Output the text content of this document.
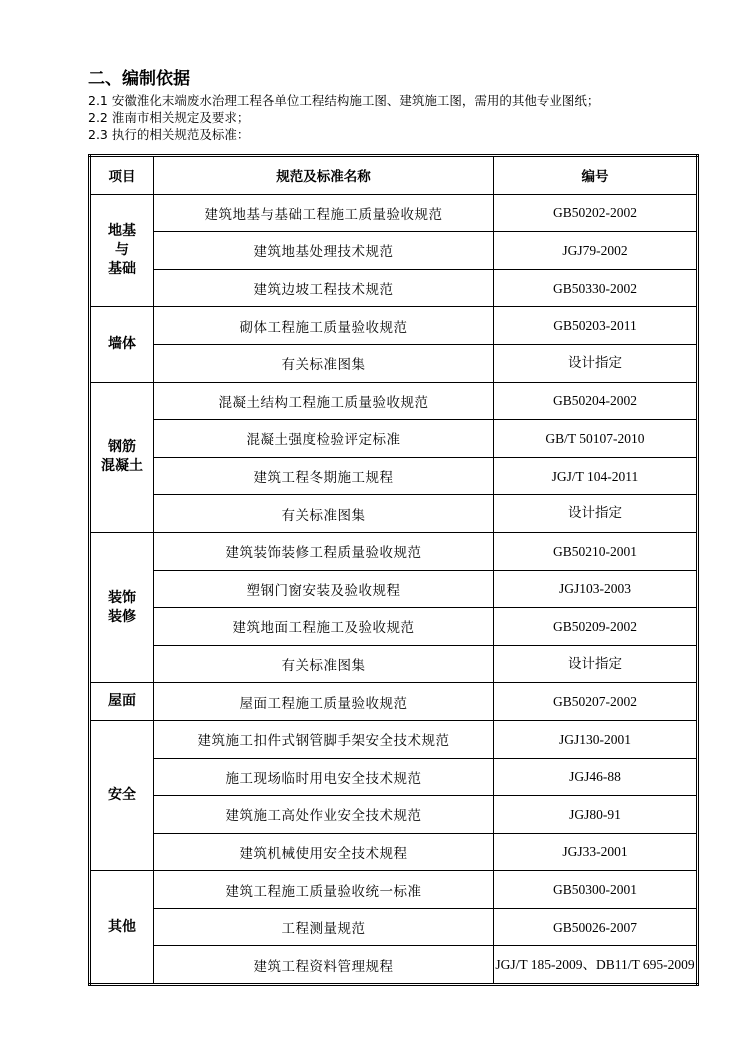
二、编制依据
2.1 安徽淮化末端废水治理工程各单位工程结构施工图、建筑施工图，需用的其他专业图纸；
2.2 淮南市相关规定及要求；
2.3 执行的相关规范及标准：
项目	规范及标准名称	编号

地基
与
基础	建筑地基与基础工程施工质量验收规范	GB50202-2002
	建筑地基处理技术规范	JGJ79-2002
	建筑边坡工程技术规范	GB50330-2002

墙体	砌体工程施工质量验收规范	GB50203-2011
	有关标准图集	设计指定

钢筋
混凝土	混凝土结构工程施工质量验收规范	GB50204-2002
	混凝土强度检验评定标准	GB/T 50107-2010
	建筑工程冬期施工规程	JGJ/T 104-2011
	有关标准图集	设计指定

装饰
装修	建筑装饰装修工程质量验收规范	GB50210-2001
	塑钢门窗安装及验收规程	JGJ103-2003
	建筑地面工程施工及验收规范	GB50209-2002
	有关标准图集	设计指定

屋面	屋面工程施工质量验收规范	GB50207-2002

安全	建筑施工扣件式钢管脚手架安全技术规范	JGJ130-2001
	施工现场临时用电安全技术规范	JGJ46-88
	建筑施工高处作业安全技术规范	JGJ80-91
	建筑机械使用安全技术规程	JGJ33-2001

其他	建筑工程施工质量验收统一标准	GB50300-2001
	工程测量规范	GB50026-2007
	建筑工程资料管理规程	JGJ/T 185-2009、DB11/T 695-2009
